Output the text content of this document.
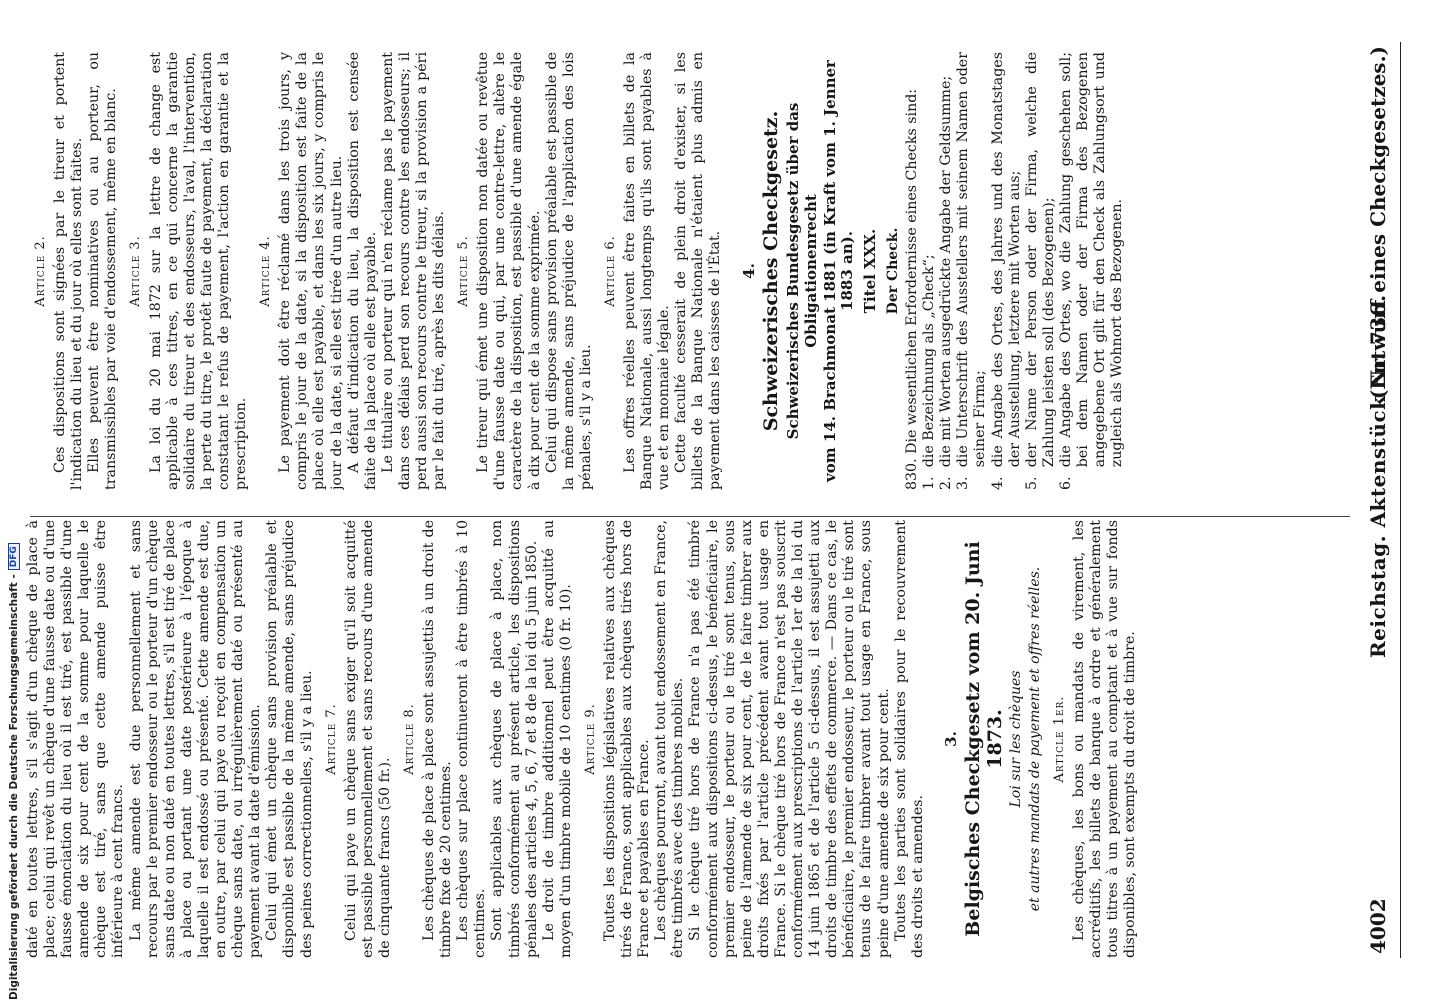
4002
Reichstag. Aktenstück Nr. 736.
(Entwurf eines Checkgesetzes.)

daté en toutes lettres, s'il s'agit d'un chèque de place à place; celui qui revêt un chèque d'une fausse date ou d'une fausse énonciation du lieu où il est tiré, est passible d'une amende de six pour cent de la somme pour laquelle le chèque est tiré, sans que cette amende puisse être inférieure à cent francs. La même amende est due personnellement et sans recours par le premier endosseur ou le porteur d'un chèque sans date ou non daté en toutes lettres, s'il est tiré de place à place ou portant une date postérieure à l'époque à laquelle il est endossé ou présenté. Cette amende est due, en outre, par celui qui paye ou reçoit en compensation un chèque sans date, ou irrégulièrement daté ou présenté au payement avant la date d'émission. Celui qui émet un chèque sans provision préalable et disponible est passible de la même amende, sans préjudice des peines correctionnelles, s'il y a lieu. Article 7. Celui qui paye un chèque sans exiger qu'il soit acquitté est passible personnellement et sans recours d'une amende de cinquante francs (50 fr.).

Article 8. Les chèques de place à place sont assujettis à un droit de timbre fixe de 20 centimes. Les chèques sur place continueront à être timbrés à 10 centimes. Sont applicables aux chèques de place à place, non timbrés conformément au présent article, les dispositions pénales des articles 4, 5, 6, 7 et 8 de la loi du 5 juin 1850. Le droit de timbre additionnel peut être acquitté au moyen d'un timbre mobile de 10 centimes (0 fr. 10). Article 9. Toutes les dispositions législatives relatives aux chèques tirés de France, sont applicables aux chèques tirés hors de France et payables en France. Les chèques pourront, avant tout endossement en France, être timbrés avec des timbres mobiles. Si le chèque tiré hors de France n'a pas été timbré conformément aux dispositions ci-dessus, le bénéficiaire, le premier endosseur, le porteur ou le tiré sont tenus, sous peine de l'amende de six pour cent, de le faire timbrer aux droits fixés par l'article précédent avant tout usage en France. Si le chèque tiré hors de France n'est pas souscrit conformément aux prescriptions de l'article 1er de la loi du 14 juin 1865 et de l'article 5 ci-dessus, il est assujetti aux droits de timbre des effets de commerce. — Dans ce cas, le bénéficiaire, le premier endosseur, le porteur ou le tiré sont tenus de le faire timbrer avant tout usage en France, sous peine d'une amende de six pour cent. Toutes les parties sont solidaires pour le recouvrement des droits et amendes.

3. Belgisches Checkgesetz vom 20. Juni 1873. Loi sur les chèques et autres mandats de payement et offres réelles. Article 1er. Les chèques, les bons ou mandats de virement, les accréditifs, les billets de banque à ordre et généralement tous titres à un payement au comptant et à vue sur fonds disponibles, sont exempts du droit de timbre.

Article 2. Ces dispositions sont signées par le tireur et portent l'indication du lieu et du jour où elles sont faites. Elles peuvent être nominatives ou au porteur, ou transmissibles par voie d'endossement, même en blanc. Article 3. La loi du 20 mai 1872 sur la lettre de change est applicable à ces titres, en ce qui concerne la garantie solidaire du tireur et des endosseurs, l'aval, l'intervention, la perte du titre, le protêt faute de payement, la déclaration constatant le refus de payement, l'action en garantie et la prescription.

Article 4. Le payement doit être réclamé dans les trois jours, y compris le jour de la date, si la disposition est faite de la place où elle est payable, et dans les six jours, y compris le jour de la date, si elle est tirée d'un autre lieu. A défaut d'indication du lieu, la disposition est censée faite de la place où elle est payable. Le titulaire ou porteur qui n'en réclame pas le payement dans ces délais perd son recours contre les endosseurs; il perd aussi son recours contre le tireur, si la provision a péri par le fait du tiré, après les dits délais. Article 5. Le tireur qui émet une disposition non datée ou revêtue d'une fausse date ou qui, par une contre-lettre, altère le caractère de la disposition, est passible d'une amende égale à dix pour cent de la somme exprimée. Celui qui dispose sans provision préalable est passible de la même amende, sans préjudice de l'application des lois pénales, s'il y a lieu.

Article 6. Les offres réelles peuvent être faites en billets de la Banque Nationale, aussi longtemps qu'ils sont payables à vue et en monnaie légale. Cette faculté cesserait de plein droit d'exister, si les billets de la Banque Nationale n'étaient plus admis en payement dans les caisses de l'État. 4. Schweizerisches Checkgesetz. Schweizerisches Bundesgesetz über das Obligationenrecht vom 14. Brachmonat 1881 (in Kraft vom 1. Jenner 1883 an). Titel XXX. Der Check. 830. Die wesentlichen Erfordernisse eines Checks sind: 1.
die Bezeichnung als „Check“;

2.
die mit Worten ausgedrückte Angabe der Geldsumme;

3.
die Unterschrift des Ausstellers mit seinem Namen oder seiner Firma;

4.
die Angabe des Ortes, des Jahres und des Monatstages der Ausstellung, letztere mit Worten aus;

5.
der Name der Person oder der Firma, welche die Zahlung leisten soll (des Bezogenen);

6.
die Angabe des Ortes, wo die Zahlung geschehen soll; bei dem Namen oder der Firma des Bezogenen angegebene Ort gilt für den Check als Zahlungsort und zugleich als Wohnort des Bezogenen.

Digitalisierung gefördert durch die Deutsche Forschungsgemeinschaft -DFG
